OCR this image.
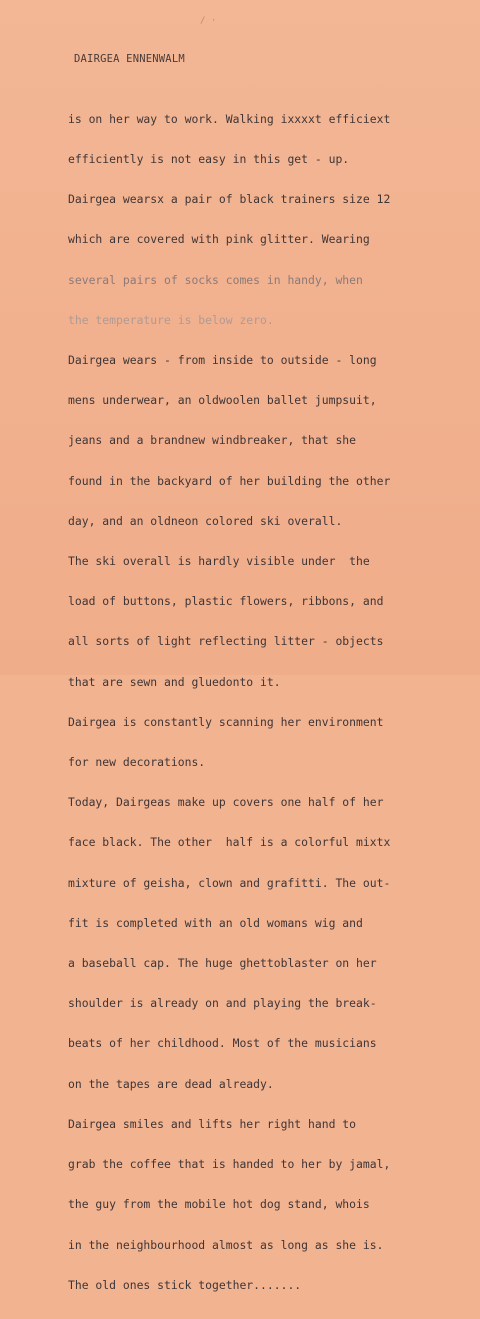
/ ·
DAIRGEA ENNENWALM

is on her way to work. Walking ixxxxt efficiext

efficiently is not easy in this get - up.

Dairgea wearsx a pair of black trainers size 12

which are covered with pink glitter. Wearing

several pairs of socks comes in handy, when

the temperature is below zero.

Dairgea wears - from inside to outside - long

mens underwear, an oldwoolen ballet jumpsuit,

jeans and a brandnew windbreaker, that she

found in the backyard of her building the other

day, and an oldneon colored ski overall.

The ski overall is hardly visible under  the

load of buttons, plastic flowers, ribbons, and

all sorts of light reflecting litter - objects

that are sewn and gluedonto it.

Dairgea is constantly scanning her environment

for new decorations.

Today, Dairgeas make up covers one half of her

face black. The other  half is a colorful mixtx

mixture of geisha, clown and grafitti. The out-

fit is completed with an old womans wig and

a baseball cap. The huge ghettoblaster on her

shoulder is already on and playing the break-

beats of her childhood. Most of the musicians

on the tapes are dead already.

Dairgea smiles and lifts her right hand to

grab the coffee that is handed to her by jamal,

the guy from the mobile hot dog stand, whois

in the neighbourhood almost as long as she is.

The old ones stick together.......
